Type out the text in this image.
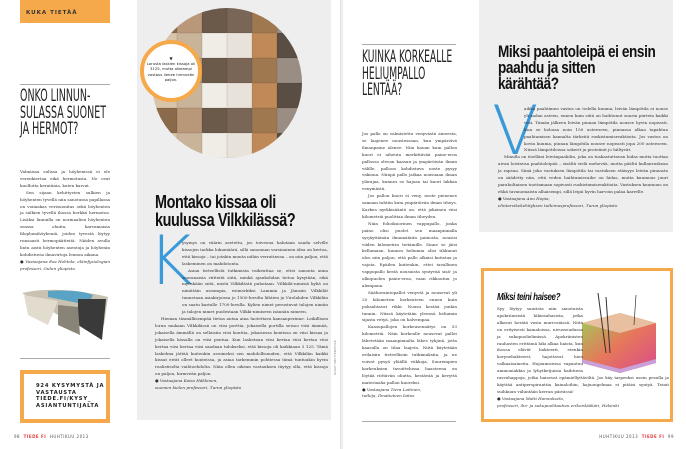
KUKA TIETÄÄ
ONKO LINNUN-SULASSA SUONET JA HERMOT?

Valmiissa sulissa ja höyhenissä ei ole verenkiertoa eikä hermotusta. Ne ovat kuollutta keratiinia, kuten karvat.

Sen sijaan kehittyvien sulkien ja höyhenten tyvellä niin sanotussa papillassa on voimakas verisuonitus sekä höyhenten ja sulkien tyvellä ihossa herkkä hermotus. Lisäksi linnuilla on normaalien höyhenten seassa ohuita, karvamaisia filoplumihöyheniä, joiden tyvestä löytyy runsaasti hermopäätteitä. Näiden avulla lintu aistii höyhenten asentoja ja höyhenin kohdistuvia ilmavirtoja lennon aikana.

● Vastaajana Esa Hohtola, eläinfysiologian professori, Oulun yliopisto
924 KYSYMYSTÄ JA VASTAUSTA TIEDE.FI/KYSY_ ASIANTUNTIJALTA
▼
Lorusta laskien kissoja oli 3125, mutta oikeampi vastaus lienee hirmvеän paljon.
Montako kissaa oli kuulussa Vilkkilässä?
K

ysymys on väärin asetettu, jos toiveena halutaan saada selville kissojen tarkka lukumäärä, sillä sanonnan varsinainen idea on kertoa, että kissoja – tai jotakin muuta niihin verrattavaa – on niin paljon, että laskeminen on mahdotonta.

Asian tieteellistä tutkimista vaikeuttaa se, ettei sanonta anna suoranaisia viitteitä siitä, minkä ajankohdan tietoa kysytään, eikä myöskään siitä, mistä Vilkkilästä puhutaan. Vilkkilä-nimisiä kyliä on nimittäin useampia, esimerkiksi Lammin ja Jämsän Vilkkilät tunnetaan asiakirjoissa jo 1500-luvulta lähtien ja Virolahden Vilkkilän on saatu kartalle 1700-luvulla. Kylien nimet perustuvat talojen nimiin ja talojen nimet puolestaan Vilkki-nimiseen isännän nimeen.

Hieman täsmällisempää tietoa antaa aina luotettava kansanperinne. Leikillisen lorun mukaan Vilkkilässä on viisi porttia, jokaisella portilla seisoo viisi ämmää, jokaisella ämmällä on sellaisiin viisi konttia, jokaisessa kontissa on viisi kissaa ja jokaisella kissalla on viisi pentua. Kun lasketaan viisi kertaa viisi kertaa viisi kertaa viisi kertaa viisi saadaan tulokseksi, että kissoja oli kaikkiaan 3 125. Tämä laskelma jättää kuitenkin avoimeksi sen mahdollisuuden, että Vilkkilän kaikki kissat eivät olleet konteissa, ja asiaa tarkemmin pohtiessa tämä tuntuukin hyvin realistiselta vaihtoehdolta. Näin ollen oikean vastauksen täytyy olla, että kissoja on paljon, hirmvеän paljon.

● Vastaajana Kaisa Häkkinen,
suomen kielen professori, Turun yliopisto
KUVAT SHUTTERSTOCK
98 TIEDE FI HUHTIKUU 2013
KUINKA KORKEALLE HELIUMPALLO LENTÄÄ?

Jos pallo on valmistettu venyvästä aineesta, se laajenee noustessaan, kun ympäröivä ilmanpaine alenee. Niin kauan kuin pallon kuori ei aiheuta merkittävää paine-eroa pallossa olevan kaasun ja ympäröivän ilman välille, palloon kohdistuva noste pysyy vakiona. Niinpä pallo jatkaa nousuaan ilman ylärajaa, kunnes se hajoaa tai kuori lakkaa venymästä.

Jos pallon kuori ei veny, noste pienenee samaan tahtiin kuin ympäröivän ilman tiheys. Karkea nyrkkisääntö on, että jokainen viisi kilometriä puolittaa ilman tiheyden.

Näin folioikuorinen vappupallo, jonka paino olisi puolet sen maanpinnalla syrjäyttämän ilmamäärän painosta, nousisi viiden kilometrin tietämille. Sinne se jäisi kellumaan, kunnes heliumia olisi tihkunut ulos niin paljon, että pallo alkaisi kutistua ja vajota. Epäilen kuitenkin, ettei tavallinen vappupallo kestä nousuista syntyvää sisä- ja ulkopuolen paine-eroa, vaan rikkoutuu jo alempana.

Säähavaintopallot venyvät ja nousevat yli 20 kilometrin korkeuteen ennen kuin poksahtavat rikki. Nousu kestää jonkin tunnin. Niissä käytetään yleensä heliumin sijasta vetyä, joka on halvempaa.

Kaasupallojen korkeusennätys on 53 kilometriä. Näin korkealle nousevat pallot lähetetään maanpinnalta lähes tyhjinä, jotta kaasulla on tilaa laajeta. Niitä käytetään erilaisiin tieteellisiin tutkimuksiin, ja ne voivat pysyä yläällä viikkoja. Suurempien korkeuksien tavoittelussa haasteena on löytää riittävän ohutta, kestävää ja kevyttä materiaalia pallon kuoreksi.

● Vastaajana Tiera Laitinen,
tutkija, Ilmatieteen laitos
Miksi paahtoleipä ei ensin paahdu ja sitten kärähtää?
V

aikka paahtimen vastus on todella kuuma, leivän lämpötila ei nouse yli sadan asteen, ennen kuin siitä on haihtunut suurin piirtein kaikki vesi. Tämän jälkeen leivän pinnan lämpötila nousee hyvin nopeasti. Kun se kohoaa noin 150 asteeseen, pinnassa alkaa tapahtua paahtamisen kannalta tärkeitä ruskistumisreaktioita. Jos vastus on kovin kuuma, pinnan lämpötila nousee nopeasti jopa 200 asteeseen. Niissä lämpötiloissa sokerit ja proteiinit jo hiiltyvät.

Minulla on itselläni leivänpaahdin, joka on tuskastuttavan hidas mutta tuottaa aivan loistavaa paahtoleipää – sisältä vielä mehevää, mutta päältä kullanruskeaa ja rapeaa. Siinä joko vastuksen lämpötila tai vastuksen etäisyys leivän pinnasta on säädetty niin, että veden haihtumisvaihe on hidas, mutta kuumuus juuri parahultainen tuottamaan sopivasti ruskistumisreaktioita. Vastuksen kuumuus on ehkä tavanomaista alhaisempi, sillä leipä hyvin harvoin palaa karrelle.

● Vastaajana Anu Hopia,
elintarvikekehityksen tutkimusprofessori, Turun yliopisto
Miksi teini haisee?

Syy löytyy suurista niin sanotuista apokriinisistä hikirauhasista, jotka alkavat herätä vasta murrosiässä. Niitä on erityisesti kainaloissa, nivusseudussa ja sukupuolielimissä. Apokriinisten rauhasten erittämä hiki alkaa haista, kun ihossa elävät bakteerit, etenkin korynebakteerit, hajottavat hien valkuaisaineita. Hajoamisessa vapautuu ammoniakkia ja lyhytketjuisia haihtuvia rasvahappoja, jotka haisevat epämiellyttäviltä. Jos käy tarpeeksi usein pesulla ja käyttää antiperspiranttia kainaloihin, hajuongelmaa ei pitäisi syntyä. Teinit suihkuun vähintään kerran päivässä!

● Vastaajana Matti Hannuksela,
professori, iho- ja sukupuolitautien erikoislääkäri, Helsinki
HUHTIKUU 2013 TIEDE FI 99
